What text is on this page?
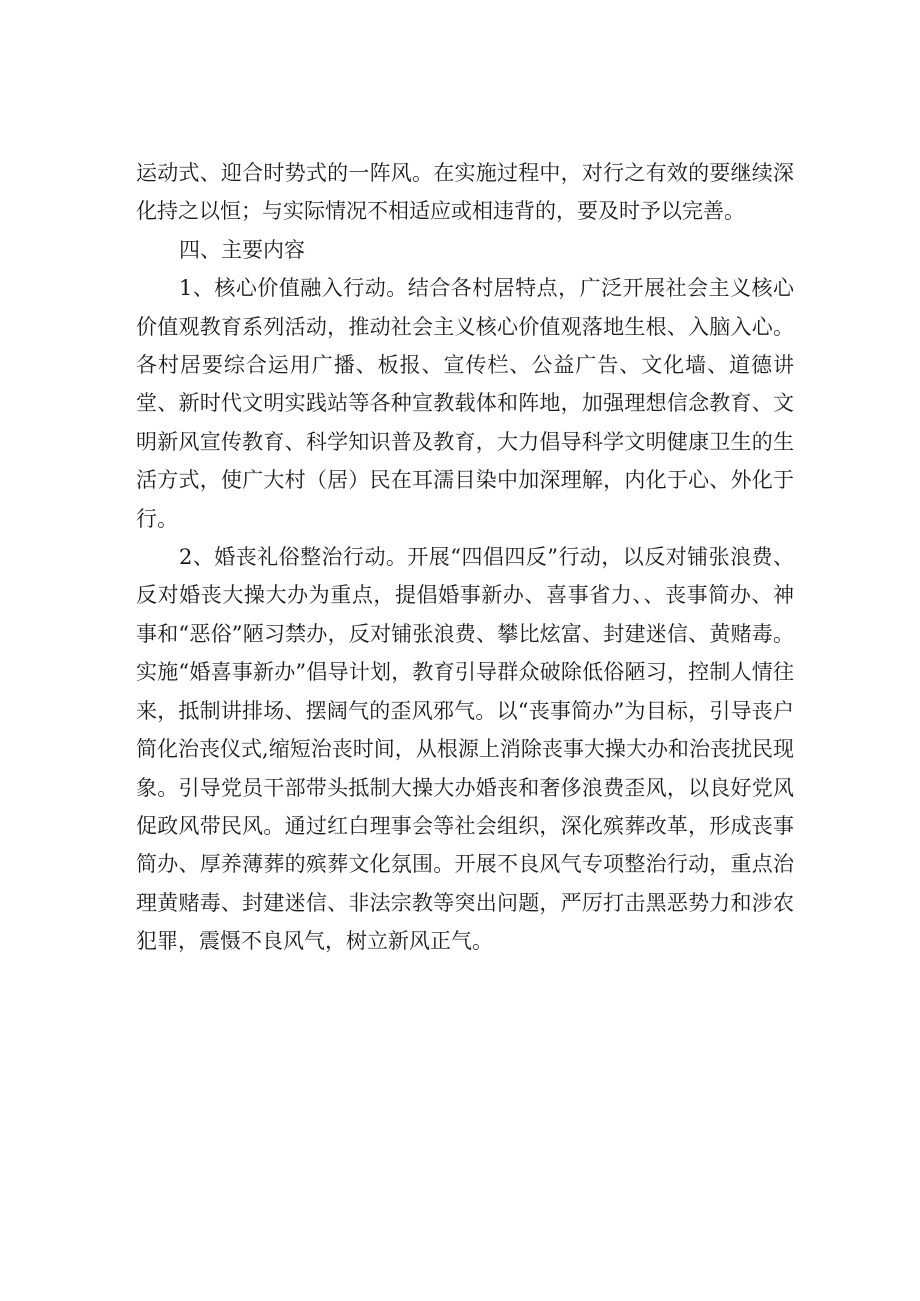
运动式、迎合时势式的一阵风。在实施过程中，对行之有效的要继续深化持之以恒；与实际情况不相适应或相违背的，要及时予以完善。

四、主要内容

1、核心价值融入行动。结合各村居特点，广泛开展社会主义核心价值观教育系列活动，推动社会主义核心价值观落地生根、入脑入心。各村居要综合运用广播、板报、宣传栏、公益广告、文化墙、道德讲堂、新时代文明实践站等各种宣教载体和阵地，加强理想信念教育、文明新风宣传教育、科学知识普及教育，大力倡导科学文明健康卫生的生活方式，使广大村（居）民在耳濡目染中加深理解，内化于心、外化于行。

2、婚丧礼俗整治行动。开展“四倡四反”行动，以反对铺张浪费、反对婚丧大操大办为重点，提倡婚事新办、喜事省力、、丧事简办、神事和“恶俗”陋习禁办，反对铺张浪费、攀比炫富、封建迷信、黄赌毒。实施“婚喜事新办”倡导计划，教育引导群众破除低俗陋习，控制人情往来，抵制讲排场、摆阔气的歪风邪气。以“丧事简办”为目标，引导丧户简化治丧仪式,缩短治丧时间，从根源上消除丧事大操大办和治丧扰民现象。引导党员干部带头抵制大操大办婚丧和奢侈浪费歪风，以良好党风促政风带民风。通过红白理事会等社会组织，深化殡葬改革，形成丧事简办、厚养薄葬的殡葬文化氛围。开展不良风气专项整治行动，重点治理黄赌毒、封建迷信、非法宗教等突出问题，严厉打击黑恶势力和涉农犯罪，震慑不良风气，树立新风正气。
